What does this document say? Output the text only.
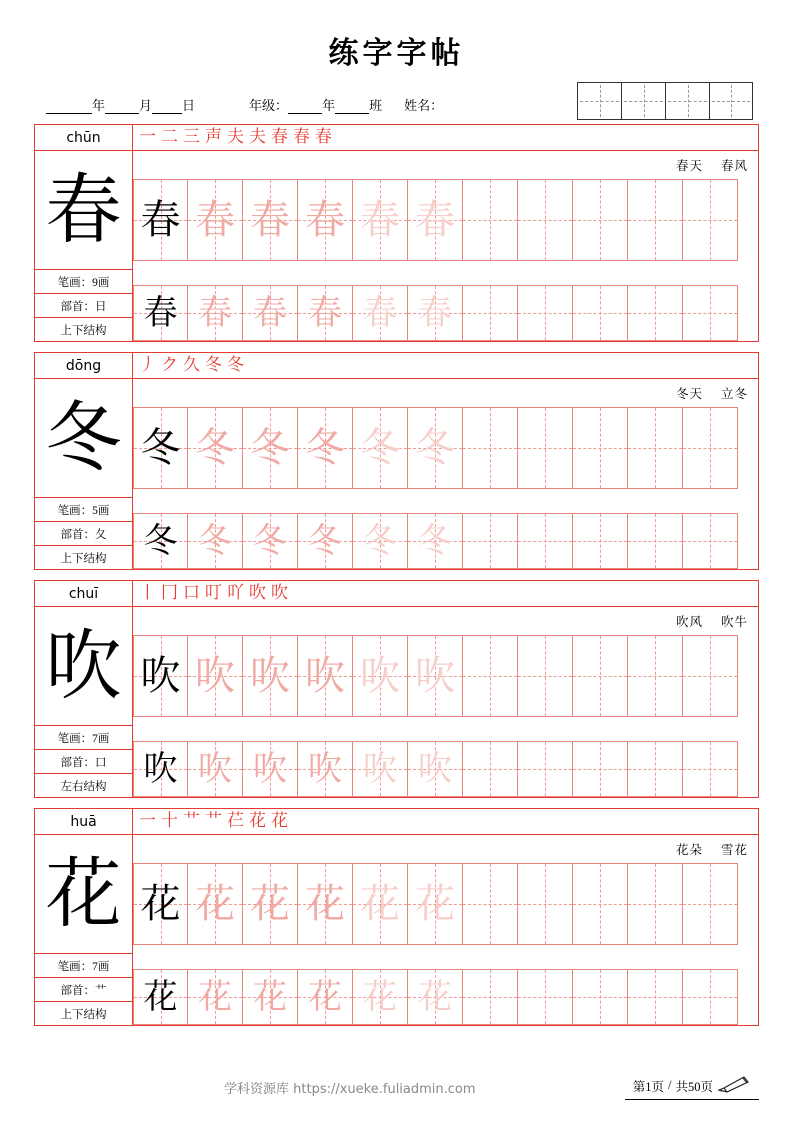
练字字帖
年	月 日	年级：	年	班 姓名：
chūn
春
笔画：9画
部首：日
上下结构
一 二 三 声 夫 夫 春 春 春
春天 春风
春 春 春 春 春 春
春 春 春 春 春 春
dōng
冬
笔画：5画
部首：夂
上下结构
丿 ク 久 冬 冬
冬天 立冬
冬 冬 冬 冬 冬 冬
冬 冬 冬 冬 冬 冬
chuī
吹
笔画：7画
部首：口
左右结构
丨 冂 口 叮 吖 吹 吹
吹风 吹牛
吹 吹 吹 吹 吹 吹
吹 吹 吹 吹 吹 吹
huā
花
笔画：7画
部首：艹
上下结构
一 十 艹 艹 芢 花 花
花朵 雪花
花 花 花 花 花 花
花 花 花 花 花 花
学科资源库 https://xueke.fuliadmin.com	第1页 / 共50页
